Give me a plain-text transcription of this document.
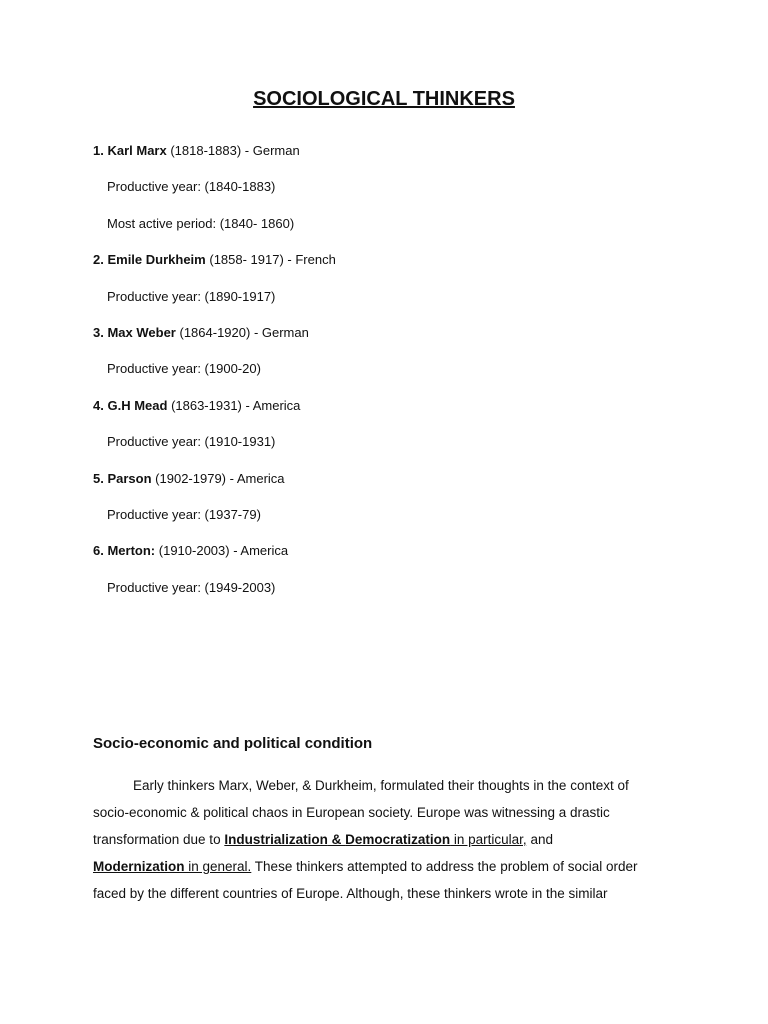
SOCIOLOGICAL THINKERS
1. Karl Marx (1818-1883) - German
Productive year: (1840-1883)
Most active period: (1840- 1860)
2. Emile Durkheim (1858- 1917) - French
Productive year: (1890-1917)
3. Max Weber (1864-1920) - German
Productive year: (1900-20)
4. G.H Mead (1863-1931) - America
Productive year: (1910-1931)
5. Parson (1902-1979) - America
Productive year: (1937-79)
6. Merton: (1910-2003) - America
Productive year: (1949-2003)
Socio-economic and political condition

Early thinkers Marx, Weber, & Durkheim, formulated their thoughts in the context of

socio-economic & political chaos in European society. Europe was witnessing a drastic

transformation due to Industrialization & Democratization in particular, and

Modernization in general. These thinkers attempted to address the problem of social order

faced by the different countries of Europe. Although, these thinkers wrote in the similar
